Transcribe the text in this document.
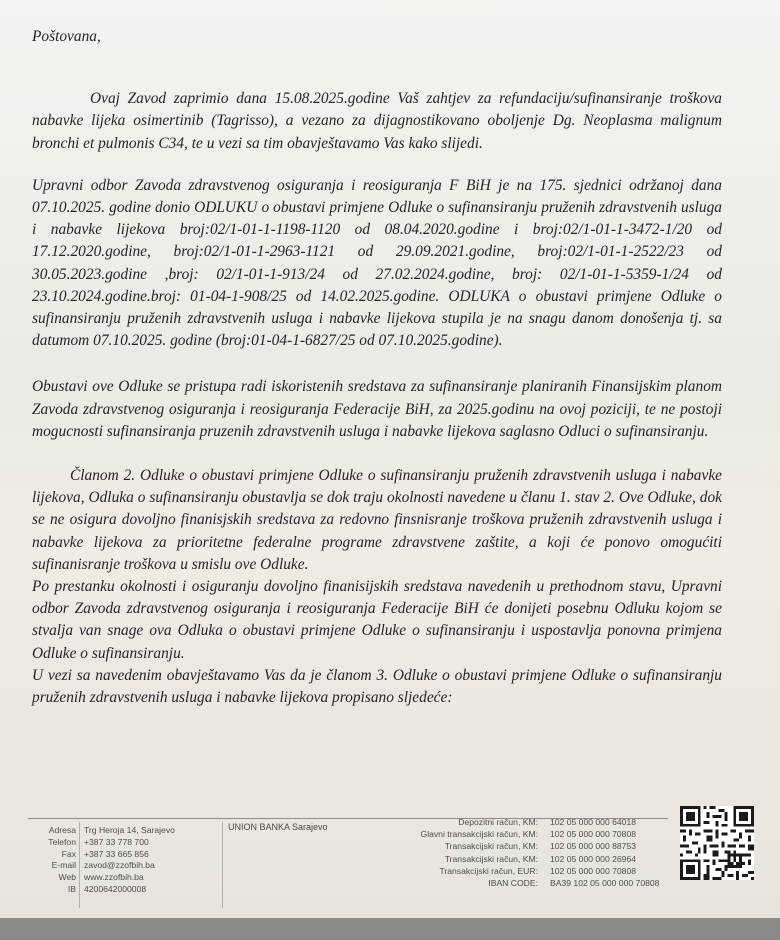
Poštovana,

Ovaj Zavod zaprimio dana 15.08.2025.godine Vaš zahtjev za refundaciju/sufinansiranje troškova nabavke lijeka osimertinib (Tagrisso), a vezano za dijagnostikovano oboljenje Dg. Neoplasma malignum bronchi et pulmonis C34, te u vezi sa tim obavještavamo Vas kako slijedi.

Upravni odbor Zavoda zdravstvenog osiguranja i reosiguranja F BiH je na 175. sjednici održanoj dana 07.10.2025. godine donio ODLUKU o obustavi primjene Odluke o sufinansiranju pruženih zdravstvenih usluga i nabavke lijekova broj:02/1-01-1-1198-1120 od 08.04.2020.godine i broj:02/1-01-1-3472-1/20 od 17.12.2020.godine, broj:02/1-01-1-2963-1121 od 29.09.2021.godine, broj:02/1-01-1-2522/23 od 30.05.2023.godine ,broj: 02/1-01-1-913/24 od 27.02.2024.godine, broj: 02/1-01-1-5359-1/24 od 23.10.2024.godine.broj: 01-04-1-908/25 od 14.02.2025.godine. ODLUKA o obustavi primjene Odluke o sufinansiranju pruženih zdravstvenih usluga i nabavke lijekova stupila je na snagu danom donošenja tj. sa datumom 07.10.2025. godine (broj:01-04-1-6827/25 od 07.10.2025.godine).

Obustavi ove Odluke se pristupa radi iskoristenih sredstava za sufinansiranje planiranih Finansijskim planom Zavoda zdravstvenog osiguranja i reosiguranja Federacije BiH, za 2025.godinu na ovoj poziciji, te ne postoji mogucnosti sufinansiranja pruzenih zdravstvenih usluga i nabavke lijekova saglasno Odluci o sufinansiranju.

Članom 2. Odluke o obustavi primjene Odluke o sufinansiranju pruženih zdravstvenih usluga i nabavke lijekova, Odluka o sufinansiranju obustavlja se dok traju okolnosti navedene u članu 1. stav 2. Ove Odluke, dok se ne osigura dovoljno finanisjskih sredstava za redovno finsnisranje troškova pruženih zdravstvenih usluga i nabavke lijekova za prioritetne federalne programe zdravstvene zaštite, a koji će ponovo omogućiti sufinanisranje troškova u smislu ove Odluke.

Po prestanku okolnosti i osiguranju dovoljno finanisijskih sredstava navedenih u prethodnom stavu, Upravni odbor Zavoda zdravstvenog osiguranja i reosiguranja Federacije BiH će donijeti posebnu Odluku kojom se stvalja van snage ova Odluka o obustavi primjene Odluke o sufinansiranju i uspostavlja ponovna primjena Odluke o sufinansiranju.

U vezi sa navedenim obavještavamo Vas da je članom 3. Odluke o obustavi primjene Odluke o sufinansiranju pruženih zdravstvenih usluga i nabavke lijekova propisano sljedeće:

Adresa
Telefon
Fax
E-mail
Web
IB
Trg Heroja 14, Sarajevo
+387 33 778 700
+387 33 665 856
zavod@zzofbih.ba
www.zzofbih.ba
4200642000008
UNION BANKA Sarajevo	Depozitni račun, KM:
Glavni transakcijski račun, KM:
Transakcijski račun, KM:
Transakcijski račun, KM:
Transakcijski račun, EUR:
IBAN CODE:
102 05 000 000 64018
102 05 000 000 70808
102 05 000 000 88753
102 05 000 000 26964
102 05 000 000 70808
BA39 102 05 000 000 70808
